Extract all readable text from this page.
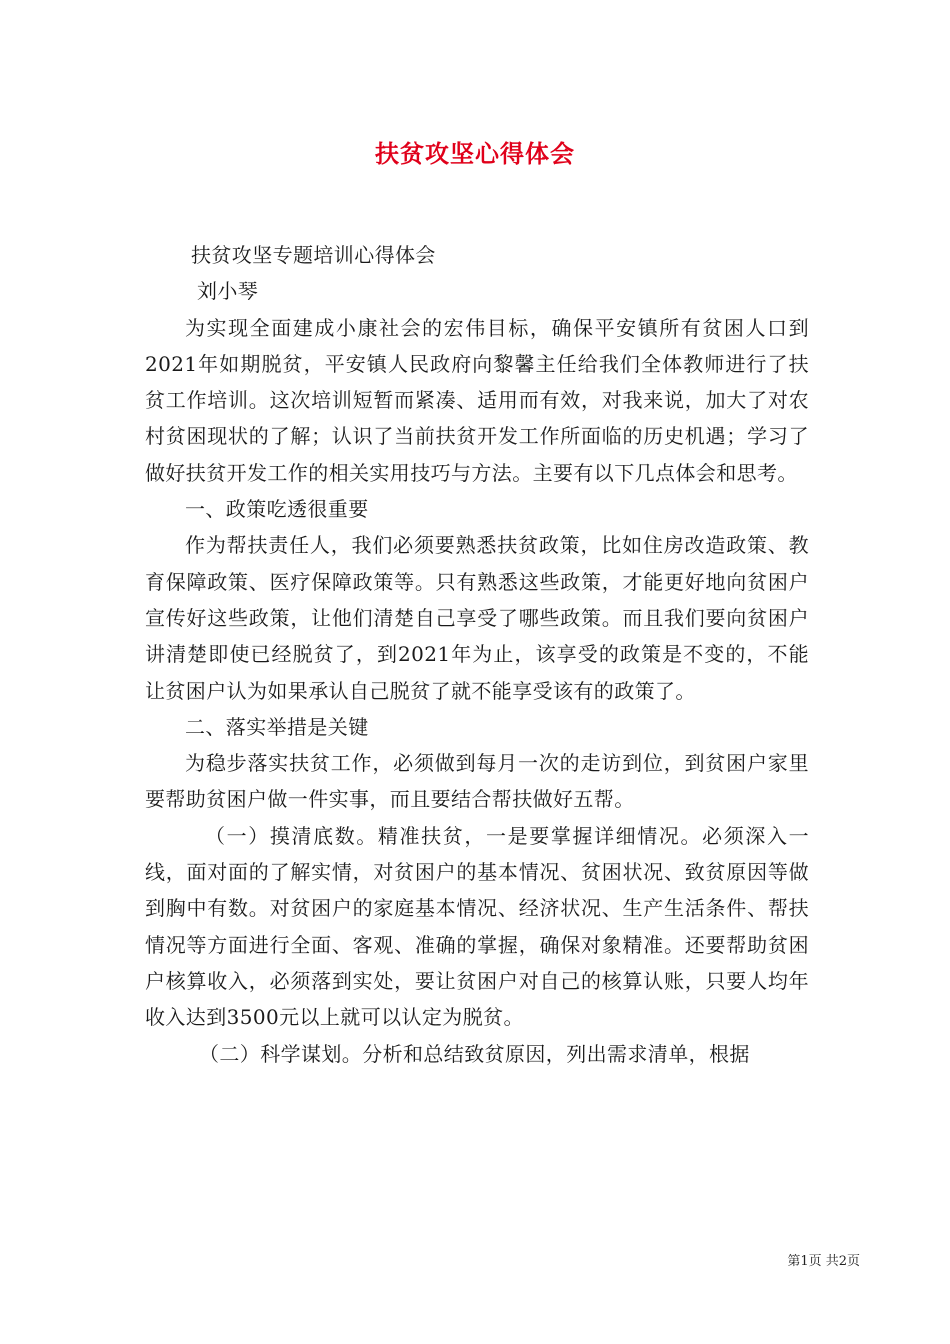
扶贫攻坚心得体会

扶贫攻坚专题培训心得体会

刘小琴

为实现全面建成小康社会的宏伟目标，确保平安镇所有贫困人口到2021年如期脱贫，平安镇人民政府向黎馨主任给我们全体教师进行了扶贫工作培训。这次培训短暂而紧凑、适用而有效，对我来说，加大了对农村贫困现状的了解；认识了当前扶贫开发工作所面临的历史机遇；学习了做好扶贫开发工作的相关实用技巧与方法。主要有以下几点体会和思考。

一、政策吃透很重要

作为帮扶责任人，我们必须要熟悉扶贫政策，比如住房改造政策、教育保障政策、医疗保障政策等。只有熟悉这些政策，才能更好地向贫困户宣传好这些政策，让他们清楚自己享受了哪些政策。而且我们要向贫困户讲清楚即使已经脱贫了，到2021年为止，该享受的政策是不变的，不能让贫困户认为如果承认自己脱贫了就不能享受该有的政策了。

二、落实举措是关键

为稳步落实扶贫工作，必须做到每月一次的走访到位，到贫困户家里要帮助贫困户做一件实事，而且要结合帮扶做好五帮。

（一）摸清底数。精准扶贫，一是要掌握详细情况。必须深入一线，面对面的了解实情，对贫困户的基本情况、贫困状况、致贫原因等做到胸中有数。对贫困户的家庭基本情况、经济状况、生产生活条件、帮扶情况等方面进行全面、客观、准确的掌握，确保对象精准。还要帮助贫困户核算收入，必须落到实处，要让贫困户对自己的核算认账，只要人均年收入达到3500元以上就可以认定为脱贫。

（二）科学谋划。分析和总结致贫原因，列出需求清单，根据

第1页 共2页
